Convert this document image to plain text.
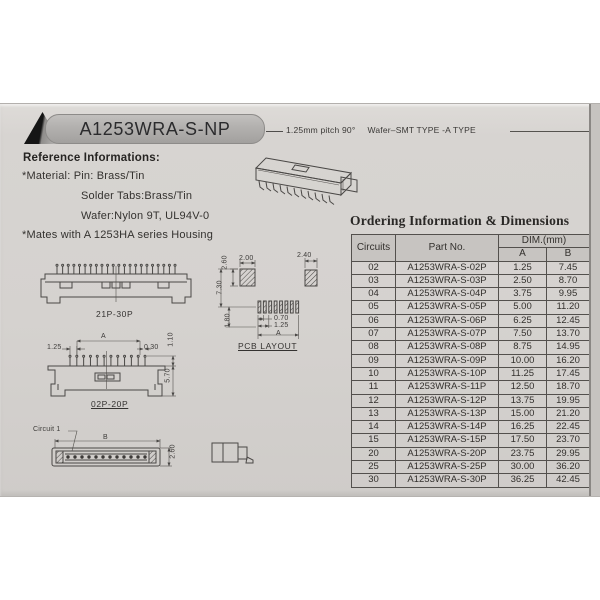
A1253WRA-S-NP	1.25mm pitch 90° Wafer–SMT TYPE -A TYPE
Reference Informations:
*Material: Pin: Brass/Tin
Solder Tabs:Brass/Tin
Wafer:Nylon 9T, UL94V-0
*Mates with A 1253HA series Housing
Ordering Information & Dimensions
Circuits	Part No.	DIM.(mm)	
		A	B
02	A1253WRA-S-02P	1.25	7.45
03	A1253WRA-S-03P	2.50	8.70
04	A1253WRA-S-04P	3.75	9.95
05	A1253WRA-S-05P	5.00	11.20
06	A1253WRA-S-06P	6.25	12.45
07	A1253WRA-S-07P	7.50	13.70
08	A1253WRA-S-08P	8.75	14.95
09	A1253WRA-S-09P	10.00	16.20
10	A1253WRA-S-10P	11.25	17.45
11	A1253WRA-S-11P	12.50	18.70
12	A1253WRA-S-12P	13.75	19.95
13	A1253WRA-S-13P	15.00	21.20
14	A1253WRA-S-14P	16.25	22.45
15	A1253WRA-S-15P	17.50	23.70
20	A1253WRA-S-20P	23.75	29.95
25	A1253WRA-S-25P	30.00	36.20
30	A1253WRA-S-30P	36.25	42.45
21P-30P
02P-20P
PCB LAYOUT
Circuit 1
A
1.25	0.30
1.10
5.70
2.60 2.00	2.40
7.30
1.80	0.70
1.25
A
B
2.60
